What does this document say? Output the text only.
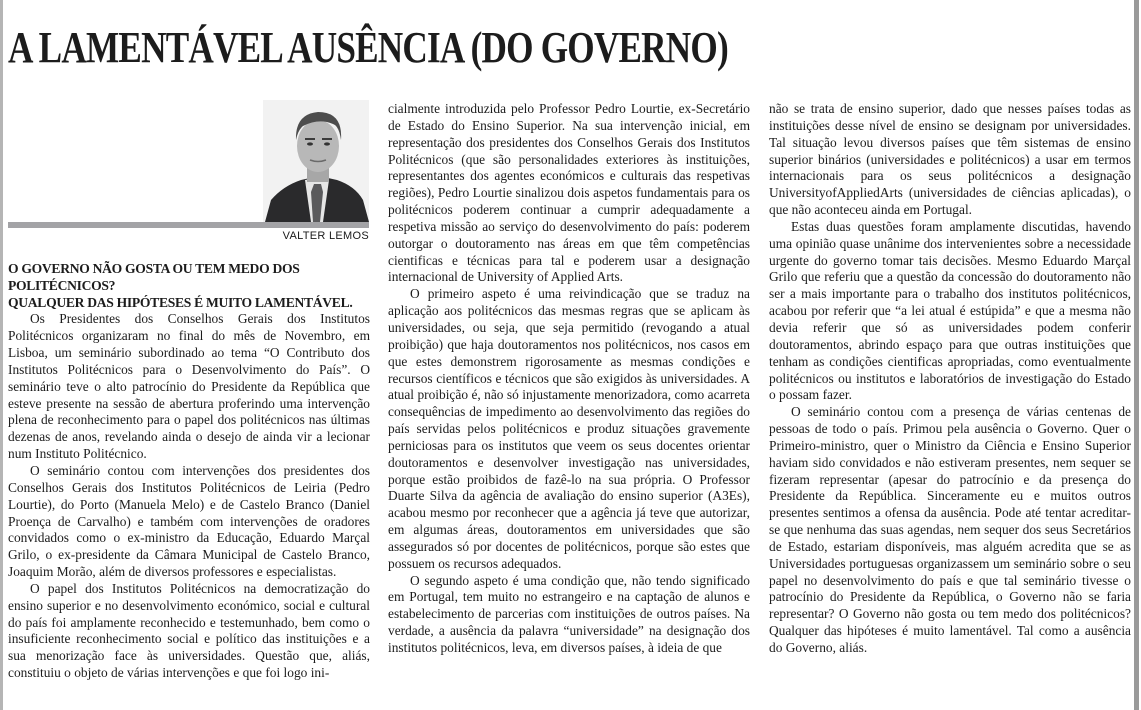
A LAMENTÁVEL AUSÊNCIA (DO GOVERNO)
VALTER LEMOS

O GOVERNO NÃO GOSTA OU TEM MEDO DOS POLITÉCNICOS?

QUALQUER DAS HIPÓTESES É MUITO LAMENTÁVEL.

Os Presidentes dos Conselhos Gerais dos Institutos Politécnicos organizaram no final do mês de Novembro, em Lisboa, um seminário subordinado ao tema “O Contributo dos Institutos Politécnicos para o Desenvolvimento do País”. O seminário teve o alto patrocínio do Presidente da República que esteve presente na sessão de abertura proferindo uma intervenção plena de reconhecimento para o papel dos politécnicos nas últimas dezenas de anos, revelando ainda o desejo de ainda vir a lecionar num Instituto Politécnico.

O seminário contou com intervenções dos presidentes dos Conselhos Gerais dos Institutos Politécnicos de Leiria (Pedro Lourtie), do Porto (Manuela Melo) e de Castelo Branco (Daniel Proença de Carvalho) e também com intervenções de oradores convidados como o ex-ministro da Educação, Eduardo Marçal Grilo, o ex-presidente da Câmara Municipal de Castelo Branco, Joaquim Morão, além de diversos professores e especialistas.

O papel dos Institutos Politécnicos na democratização do ensino superior e no desenvolvimento económico, social e cultural do país foi amplamente reconhecido e testemunhado, bem como o insuficiente reconhecimento social e político das instituições e a sua menorização face às universidades. Questão que, aliás, constituiu o objeto de várias intervenções e que foi logo ini-

cialmente introduzida pelo Professor Pedro Lourtie, ex-Secretário de Estado do Ensino Superior. Na sua intervenção inicial, em representação dos presidentes dos Conselhos Gerais dos Institutos Politécnicos (que são personalidades exteriores às instituições, representantes dos agentes económicos e culturais das respetivas regiões), Pedro Lourtie sinalizou dois aspetos fundamentais para os politécnicos poderem continuar a cumprir adequadamente a respetiva missão ao serviço do desenvolvimento do país: poderem outorgar o doutoramento nas áreas em que têm competências cientificas e técnicas para tal e poderem usar a designação internacional de University of Applied Arts.

O primeiro aspeto é uma reivindicação que se traduz na aplicação aos politécnicos das mesmas regras que se aplicam às universidades, ou seja, que seja permitido (revogando a atual proibição) que haja doutoramentos nos politécnicos, nos casos em que estes demonstrem rigorosamente as mesmas condições e recursos científicos e técnicos que são exigidos às universidades. A atual proibição é, não só injustamente menorizadora, como acarreta consequências de impedimento ao desenvolvimento das regiões do país servidas pelos politécnicos e produz situações gravemente perniciosas para os institutos que veem os seus docentes orientar doutoramentos e desenvolver investigação nas universidades, porque estão proibidos de fazê-lo na sua própria. O Professor Duarte Silva da agência de avaliação do ensino superior (A3Es), acabou mesmo por reconhecer que a agência já teve que autorizar, em algumas áreas, doutoramentos em universidades que são assegurados só por docentes de politécnicos, porque são estes que possuem os recursos adequados.

O segundo aspeto é uma condição que, não tendo significado em Portugal, tem muito no estrangeiro e na captação de alunos e estabelecimento de parcerias com instituições de outros países. Na verdade, a ausência da palavra “universidade” na designação dos institutos politécnicos, leva, em diversos países, à ideia de que

não se trata de ensino superior, dado que nesses países todas as instituições desse nível de ensino se designam por universidades. Tal situação levou diversos países que têm sistemas de ensino superior binários (universidades e politécnicos) a usar em termos internacionais para os seus politécnicos a designação UniversityofAppliedArts (universidades de ciências aplicadas), o que não aconteceu ainda em Portugal.

Estas duas questões foram amplamente discutidas, havendo uma opinião quase unânime dos intervenientes sobre a necessidade urgente do governo tomar tais decisões. Mesmo Eduardo Marçal Grilo que referiu que a questão da concessão do doutoramento não ser a mais importante para o trabalho dos institutos politécnicos, acabou por referir que “a lei atual é estúpida” e que a mesma não devia referir que só as universidades podem conferir doutoramentos, abrindo espaço para que outras instituições que tenham as condições cientificas apropriadas, como eventualmente politécnicos ou institutos e laboratórios de investigação do Estado o possam fazer.

O seminário contou com a presença de várias centenas de pessoas de todo o país. Primou pela ausência o Governo. Quer o Primeiro-ministro, quer o Ministro da Ciência e Ensino Superior haviam sido convidados e não estiveram presentes, nem sequer se fizeram representar (apesar do patrocínio e da presença do Presidente da República. Sinceramente eu e muitos outros presentes sentimos a ofensa da ausência. Pode até tentar acreditar-se que nenhuma das suas agendas, nem sequer dos seus Secretários de Estado, estariam disponíveis, mas alguém acredita que se as Universidades portuguesas organizassem um seminário sobre o seu papel no desenvolvimento do país e que tal seminário tivesse o patrocínio do Presidente da República, o Governo não se faria representar? O Governo não gosta ou tem medo dos politécnicos? Qualquer das hipóteses é muito lamentável. Tal como a ausência do Governo, aliás.
